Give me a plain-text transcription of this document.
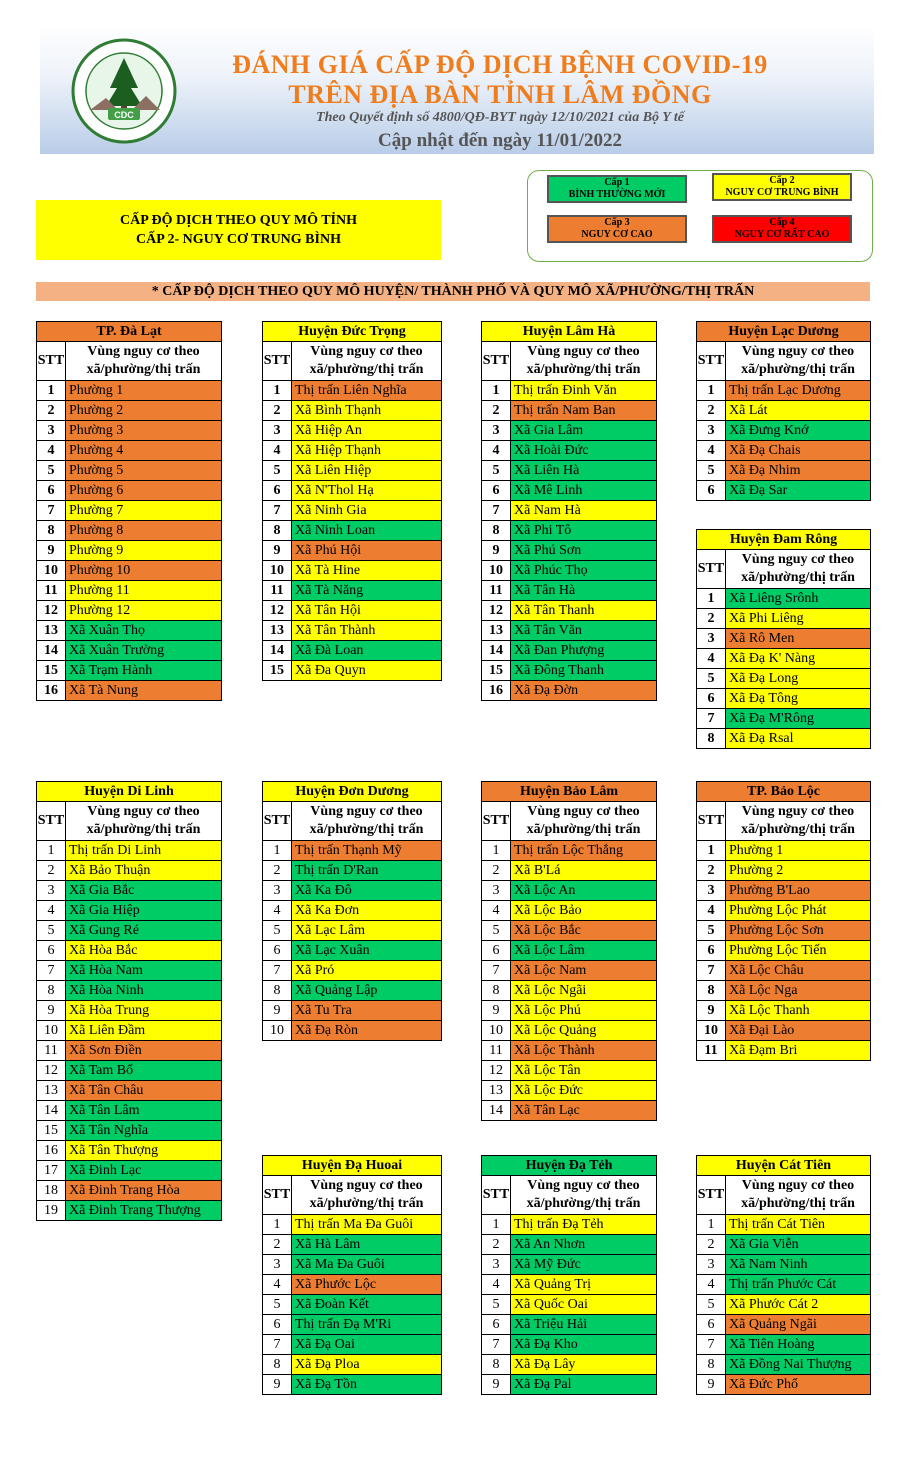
CDC
ĐÁNH GIÁ CẤP ĐỘ DỊCH BỆNH COVID-19
TRÊN ĐỊA BÀN TỈNH LÂM ĐỒNG
Theo Quyết định số 4800/QĐ-BYT ngày 12/10/2021 của Bộ Y tế
Cập nhật đến ngày 11/01/2022
CẤP ĐỘ DỊCH THEO QUY MÔ TỈNH
CẤP 2- NGUY CƠ TRUNG BÌNH
Cấp 1
BÌNH THƯỜNG MỚI
Cấp 2
NGUY CƠ TRUNG BÌNH
Cấp 3
NGUY CƠ CAO
Cấp 4
NGUY CƠ RẤT CAO
* CẤP ĐỘ DỊCH THEO QUY MÔ HUYỆN/ THÀNH PHỐ VÀ QUY MÔ XÃ/PHƯỜNG/THỊ TRẤN
TP. Đà Lạt	
STT	Vùng nguy cơ theo
xã/phường/thị trấn

1	Phường 1
2	Phường 2
3	Phường 3
4	Phường 4
5	Phường 5
6	Phường 6
7	Phường 7
8	Phường 8
9	Phường 9
10	Phường 10
11	Phường 11
12	Phường 12
13	Xã Xuân Thọ
14	Xã Xuân Trường
15	Xã Trạm Hành
16	Xã Tà Nung
Huyện Đức Trọng	
STT	Vùng nguy cơ theo
xã/phường/thị trấn

1	Thị trấn Liên Nghĩa
2	Xã Bình Thạnh
3	Xã Hiệp An
4	Xã Hiệp Thạnh
5	Xã Liên Hiệp
6	Xã N'Thol Hạ
7	Xã Ninh Gia
8	Xã Ninh Loan
9	Xã Phú Hội
10	Xã Tà Hine
11	Xã Tà Năng
12	Xã Tân Hội
13	Xã Tân Thành
14	Xã Đà Loan
15	Xã Đa Quyn
Huyện Lâm Hà	
STT	Vùng nguy cơ theo
xã/phường/thị trấn

1	Thị trấn Đinh Văn
2	Thị trấn Nam Ban
3	Xã Gia Lâm
4	Xã Hoài Đức
5	Xã Liên Hà
6	Xã Mê Linh
7	Xã Nam Hà
8	Xã Phi Tô
9	Xã Phú Sơn
10	Xã Phúc Thọ
11	Xã Tân Hà
12	Xã Tân Thanh
13	Xã Tân Văn
14	Xã Đan Phượng
15	Xã Đông Thanh
16	Xã Đạ Đờn
Huyện Lạc Dương	
STT	Vùng nguy cơ theo
xã/phường/thị trấn

1	Thị trấn Lạc Dương
2	Xã Lát
3	Xã Đưng Knớ
4	Xã Đạ Chais
5	Xã Đạ Nhim
6	Xã Đạ Sar
Huyện Đam Rông	
STT	Vùng nguy cơ theo
xã/phường/thị trấn

1	Xã Liêng Srônh
2	Xã Phi Liêng
3	Xã Rô Men
4	Xã Đạ K' Nàng
5	Xã Đạ Long
6	Xã Đạ Tông
7	Xã Đạ M'Rông
8	Xã Đạ Rsal
Huyện Di Linh	
STT	Vùng nguy cơ theo
xã/phường/thị trấn

1	Thị trấn Di Linh
2	Xã Bảo Thuận
3	Xã Gia Bắc
4	Xã Gia Hiệp
5	Xã Gung Ré
6	Xã Hòa Bắc
7	Xã Hòa Nam
8	Xã Hòa Ninh
9	Xã Hòa Trung
10	Xã Liên Đầm
11	Xã Sơn Điền
12	Xã Tam Bố
13	Xã Tân Châu
14	Xã Tân Lâm
15	Xã Tân Nghĩa
16	Xã Tân Thượng
17	Xã Đinh Lạc
18	Xã Đinh Trang Hòa
19	Xã Đinh Trang Thượng
Huyện Đơn Dương	
STT	Vùng nguy cơ theo
xã/phường/thị trấn

1	Thị trấn Thạnh Mỹ
2	Thị trấn D'Ran
3	Xã Ka Đô
4	Xã Ka Đơn
5	Xã Lạc Lâm
6	Xã Lạc Xuân
7	Xã Pró
8	Xã Quảng Lập
9	Xã Tu Tra
10	Xã Đạ Ròn
Huyện Bảo Lâm	
STT	Vùng nguy cơ theo
xã/phường/thị trấn

1	Thị trấn Lộc Thắng
2	Xã B'Lá
3	Xã Lộc An
4	Xã Lộc Bảo
5	Xã Lộc Bắc
6	Xã Lộc Lâm
7	Xã Lộc Nam
8	Xã Lộc Ngãi
9	Xã Lộc Phú
10	Xã Lộc Quảng
11	Xã Lộc Thành
12	Xã Lộc Tân
13	Xã Lộc Đức
14	Xã Tân Lạc
TP. Bảo Lộc	
STT	Vùng nguy cơ theo
xã/phường/thị trấn

1	Phường 1
2	Phường 2
3	Phường B'Lao
4	Phường Lộc Phát
5	Phường Lộc Sơn
6	Phường Lộc Tiến
7	Xã Lộc Châu
8	Xã Lộc Nga
9	Xã Lộc Thanh
10	Xã Đại Lào
11	Xã Đạm Bri
Huyện Đạ Huoai	
STT	Vùng nguy cơ theo
xã/phường/thị trấn

1	Thị trấn Ma Đa Guôi
2	Xã Hà Lâm
3	Xã Ma Đa Guôi
4	Xã Phước Lộc
5	Xã Đoàn Kết
6	Thị trấn Đạ M'Ri
7	Xã Đạ Oai
8	Xã Đạ Ploa
9	Xã Đạ Tồn
Huyện Đạ Tẻh	
STT	Vùng nguy cơ theo
xã/phường/thị trấn

1	Thị trấn Đạ Tẻh
2	Xã An Nhơn
3	Xã Mỹ Đức
4	Xã Quảng Trị
5	Xã Quốc Oai
6	Xã Triệu Hải
7	Xã Đạ Kho
8	Xã Đạ Lây
9	Xã Đạ Pal
Huyện Cát Tiên	
STT	Vùng nguy cơ theo
xã/phường/thị trấn

1	Thị trấn Cát Tiên
2	Xã Gia Viễn
3	Xã Nam Ninh
4	Thị trấn Phước Cát
5	Xã Phước Cát 2
6	Xã Quảng Ngãi
7	Xã Tiên Hoàng
8	Xã Đồng Nai Thượng
9	Xã Đức Phổ
